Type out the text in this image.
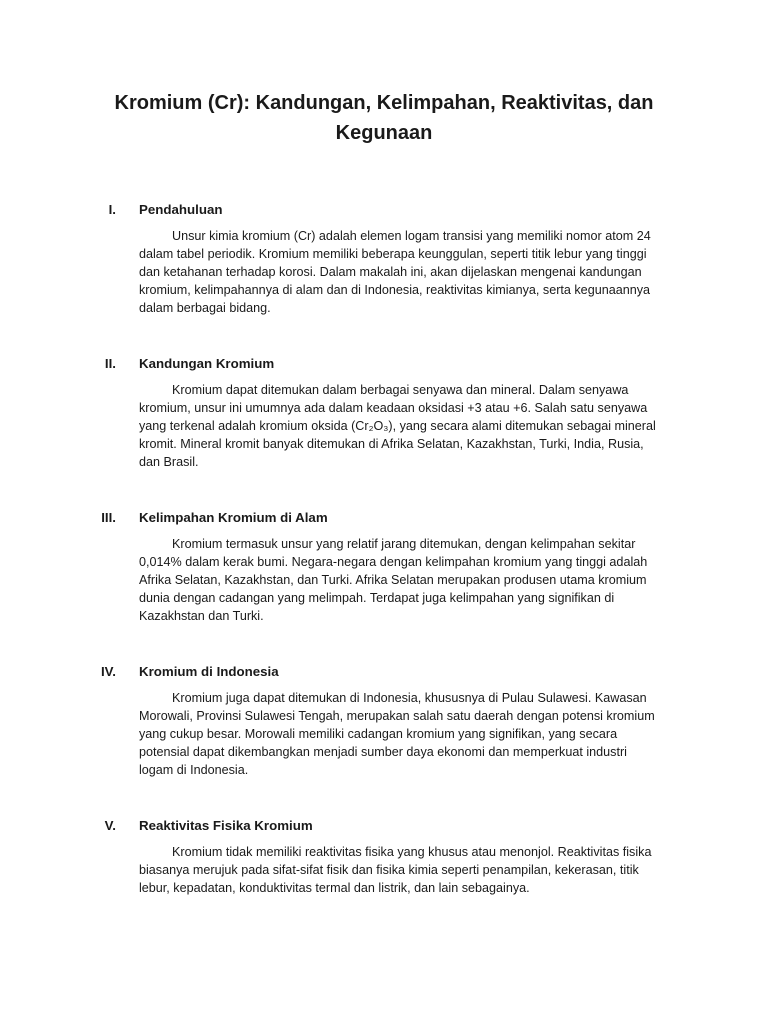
Kromium (Cr): Kandungan, Kelimpahan, Reaktivitas, dan Kegunaan
I. Pendahuluan
Unsur kimia kromium (Cr) adalah elemen logam transisi yang memiliki nomor atom 24
dalam tabel periodik. Kromium memiliki beberapa keunggulan, seperti titik lebur yang tinggi
dan ketahanan terhadap korosi. Dalam makalah ini, akan dijelaskan mengenai kandungan
kromium, kelimpahannya di alam dan di Indonesia, reaktivitas kimianya, serta kegunaannya
dalam berbagai bidang.
II. Kandungan Kromium
Kromium dapat ditemukan dalam berbagai senyawa dan mineral. Dalam senyawa
kromium, unsur ini umumnya ada dalam keadaan oksidasi +3 atau +6. Salah satu senyawa
yang terkenal adalah kromium oksida (Cr₂O₃), yang secara alami ditemukan sebagai mineral
kromit. Mineral kromit banyak ditemukan di Afrika Selatan, Kazakhstan, Turki, India, Rusia,
dan Brasil.
III. Kelimpahan Kromium di Alam
Kromium termasuk unsur yang relatif jarang ditemukan, dengan kelimpahan sekitar
0,014% dalam kerak bumi. Negara-negara dengan kelimpahan kromium yang tinggi adalah
Afrika Selatan, Kazakhstan, dan Turki. Afrika Selatan merupakan produsen utama kromium
dunia dengan cadangan yang melimpah. Terdapat juga kelimpahan yang signifikan di
Kazakhstan dan Turki.
IV. Kromium di Indonesia
Kromium juga dapat ditemukan di Indonesia, khususnya di Pulau Sulawesi. Kawasan
Morowali, Provinsi Sulawesi Tengah, merupakan salah satu daerah dengan potensi kromium
yang cukup besar. Morowali memiliki cadangan kromium yang signifikan, yang secara
potensial dapat dikembangkan menjadi sumber daya ekonomi dan memperkuat industri
logam di Indonesia.
V. Reaktivitas Fisika Kromium
Kromium tidak memiliki reaktivitas fisika yang khusus atau menonjol. Reaktivitas fisika
biasanya merujuk pada sifat-sifat fisik dan fisika kimia seperti penampilan, kekerasan, titik
lebur, kepadatan, konduktivitas termal dan listrik, dan lain sebagainya.
